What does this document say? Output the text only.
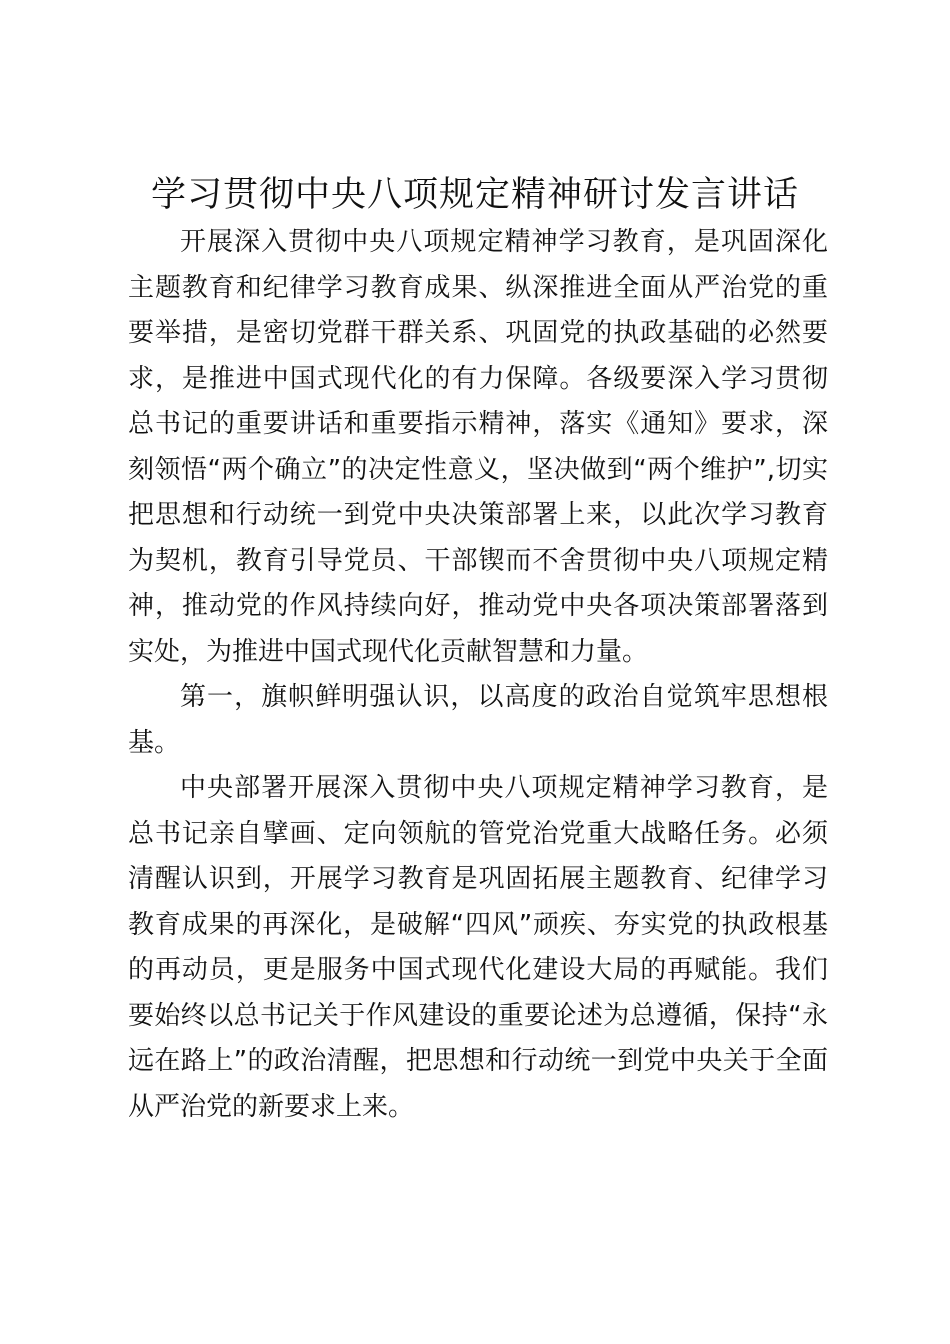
学习贯彻中央八项规定精神研讨发言讲话

开展深入贯彻中央八项规定精神学习教育，是巩固深化主题教育和纪律学习教育成果、纵深推进全面从严治党的重要举措，是密切党群干群关系、巩固党的执政基础的必然要求，是推进中国式现代化的有力保障。各级要深入学习贯彻总书记的重要讲话和重要指示精神，落实《通知》要求，深刻领悟“两个确立”的决定性意义，坚决做到“两个维护”,切实把思想和行动统一到党中央决策部署上来，以此次学习教育为契机，教育引导党员、干部锲而不舍贯彻中央八项规定精神，推动党的作风持续向好，推动党中央各项决策部署落到实处，为推进中国式现代化贡献智慧和力量。

第一，旗帜鲜明强认识，以高度的政治自觉筑牢思想根基。

中央部署开展深入贯彻中央八项规定精神学习教育，是总书记亲自擘画、定向领航的管党治党重大战略任务。必须清醒认识到，开展学习教育是巩固拓展主题教育、纪律学习教育成果的再深化，是破解“四风”顽疾、夯实党的执政根基的再动员，更是服务中国式现代化建设大局的再赋能。我们要始终以总书记关于作风建设的重要论述为总遵循，保持“永远在路上”的政治清醒，把思想和行动统一到党中央关于全面从严治党的新要求上来。
